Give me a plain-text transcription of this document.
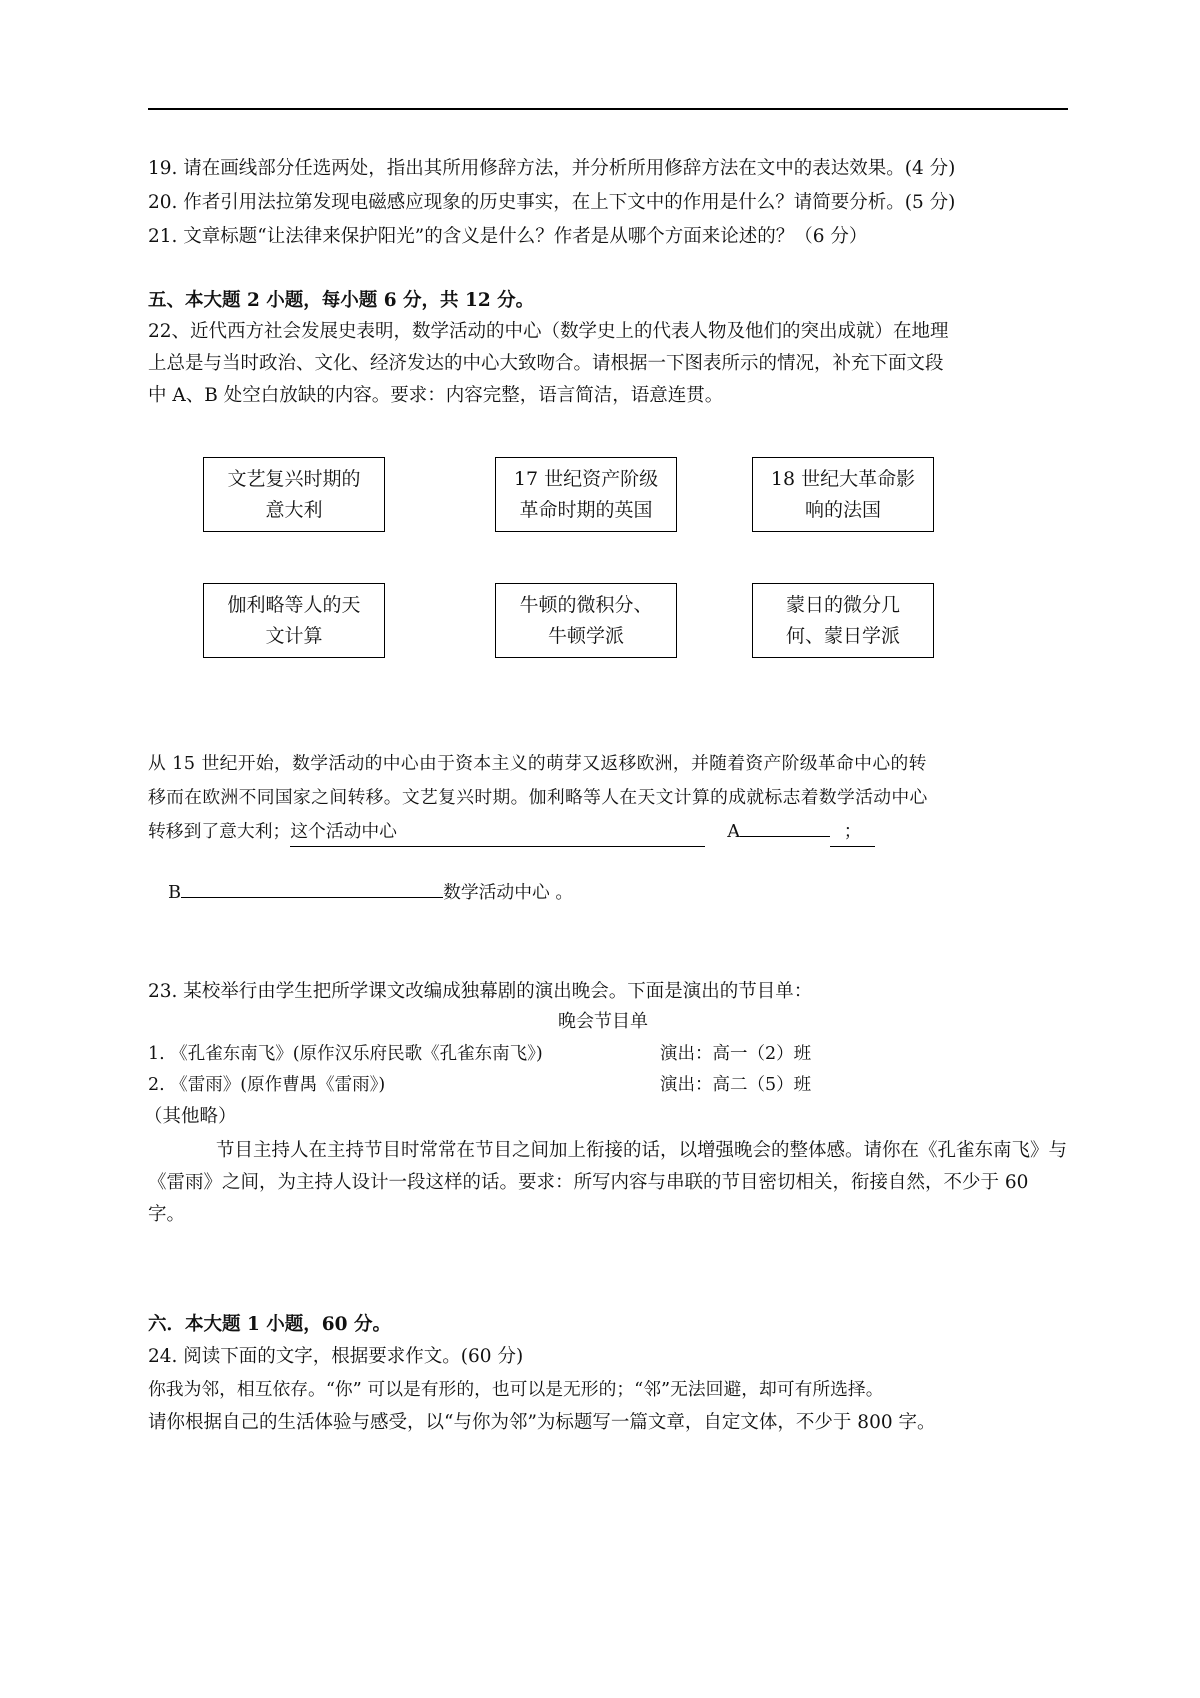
19. 请在画线部分任选两处，指出其所用修辞方法，并分析所用修辞方法在文中的表达效果。(4 分)
20. 作者引用法拉第发现电磁感应现象的历史事实，在上下文中的作用是什么？请简要分析。(5 分)
21. 文章标题“让法律来保护阳光”的含义是什么？作者是从哪个方面来论述的？（6 分）
五、本大题 2 小题，每小题 6 分，共 12 分。
22、近代西方社会发展史表明，数学活动的中心（数学史上的代表人物及他们的突出成就）在地理
上总是与当时政治、文化、经济发达的中心大致吻合。请根据一下图表所示的情况，补充下面文段
中 A、B 处空白放缺的内容。要求：内容完整，语言简洁，语意连贯。
文艺复兴时期的
意大利
17 世纪资产阶级
革命时期的英国
18 世纪大革命影
响的法国
伽利略等人的天
文计算
牛顿的微积分、
牛顿学派
蒙日的微分几
何、蒙日学派
从 15 世纪开始，数学活动的中心由于资本主义的萌芽又返移欧洲，并随着资产阶级革命中心的转
移而在欧洲不同国家之间转移。文艺复兴时期。伽利略等人在天文计算的成就标志着数学活动中心
转移到了意大利；这个活动中心	A	；
B	数学活动中心 。
23. 某校举行由学生把所学课文改编成独幕剧的演出晚会。下面是演出的节目单：
晚会节目单
1. 《孔雀东南飞》(原作汉乐府民歌《孔雀东南飞》)	演出：高一（2）班
2. 《雷雨》(原作曹禺《雷雨》)	演出：高二（5）班
（其他略）
节目主持人在主持节目时常常在节目之间加上衔接的话，以增强晚会的整体感。请你在《孔雀东南飞》与《雷雨》之间，为主持人设计一段这样的话。要求：所写内容与串联的节目密切相关，衔接自然，不少于 60 字。
六．本大题 1 小题，60 分。
24. 阅读下面的文字，根据要求作文。(60 分)
你我为邻，相互依存。“你” 可以是有形的，也可以是无形的；“邻”无法回避，却可有所选择。
请你根据自己的生活体验与感受，以“与你为邻”为标题写一篇文章，自定文体，不少于 800 字。
